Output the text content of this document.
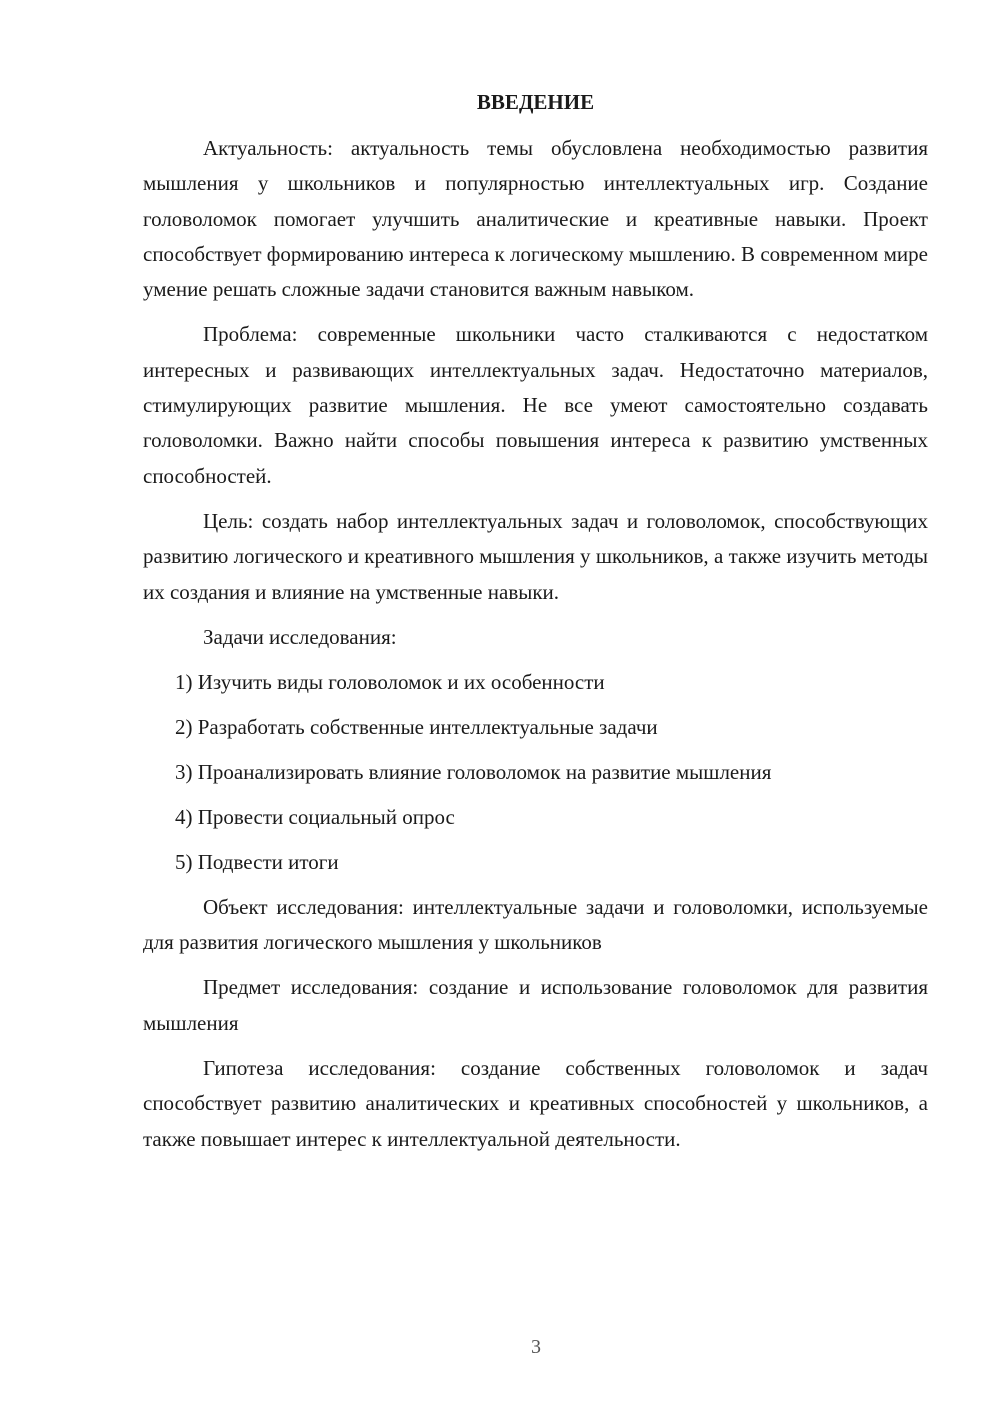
ВВЕДЕНИЕ

Актуальность: актуальность темы обусловлена необходимостью развития мышления у школьников и популярностью интеллектуальных игр. Создание головоломок помогает улучшить аналитические и креативные навыки. Проект способствует формированию интереса к логическому мышлению. В современном мире умение решать сложные задачи становится важным навыком.

Проблема: современные школьники часто сталкиваются с недостатком интересных и развивающих интеллектуальных задач. Недостаточно материалов, стимулирующих развитие мышления. Не все умеют самостоятельно создавать головоломки. Важно найти способы повышения интереса к развитию умственных способностей.

Цель: создать набор интеллектуальных задач и головоломок, способствующих развитию логического и креативного мышления у школьников, а также изучить методы их создания и влияние на умственные навыки.

Задачи исследования:

1) Изучить виды головоломок и их особенности
2) Разработать собственные интеллектуальные задачи
3) Проанализировать влияние головоломок на развитие мышления
4) Провести социальный опрос
5) Подвести итоги

Объект исследования: интеллектуальные задачи и головоломки, используемые для развития логического мышления у школьников

Предмет исследования: создание и использование головоломок для развития мышления

Гипотеза исследования: создание собственных головоломок и задач способствует развитию аналитических и креативных способностей у школьников, а также повышает интерес к интеллектуальной деятельности.

3
